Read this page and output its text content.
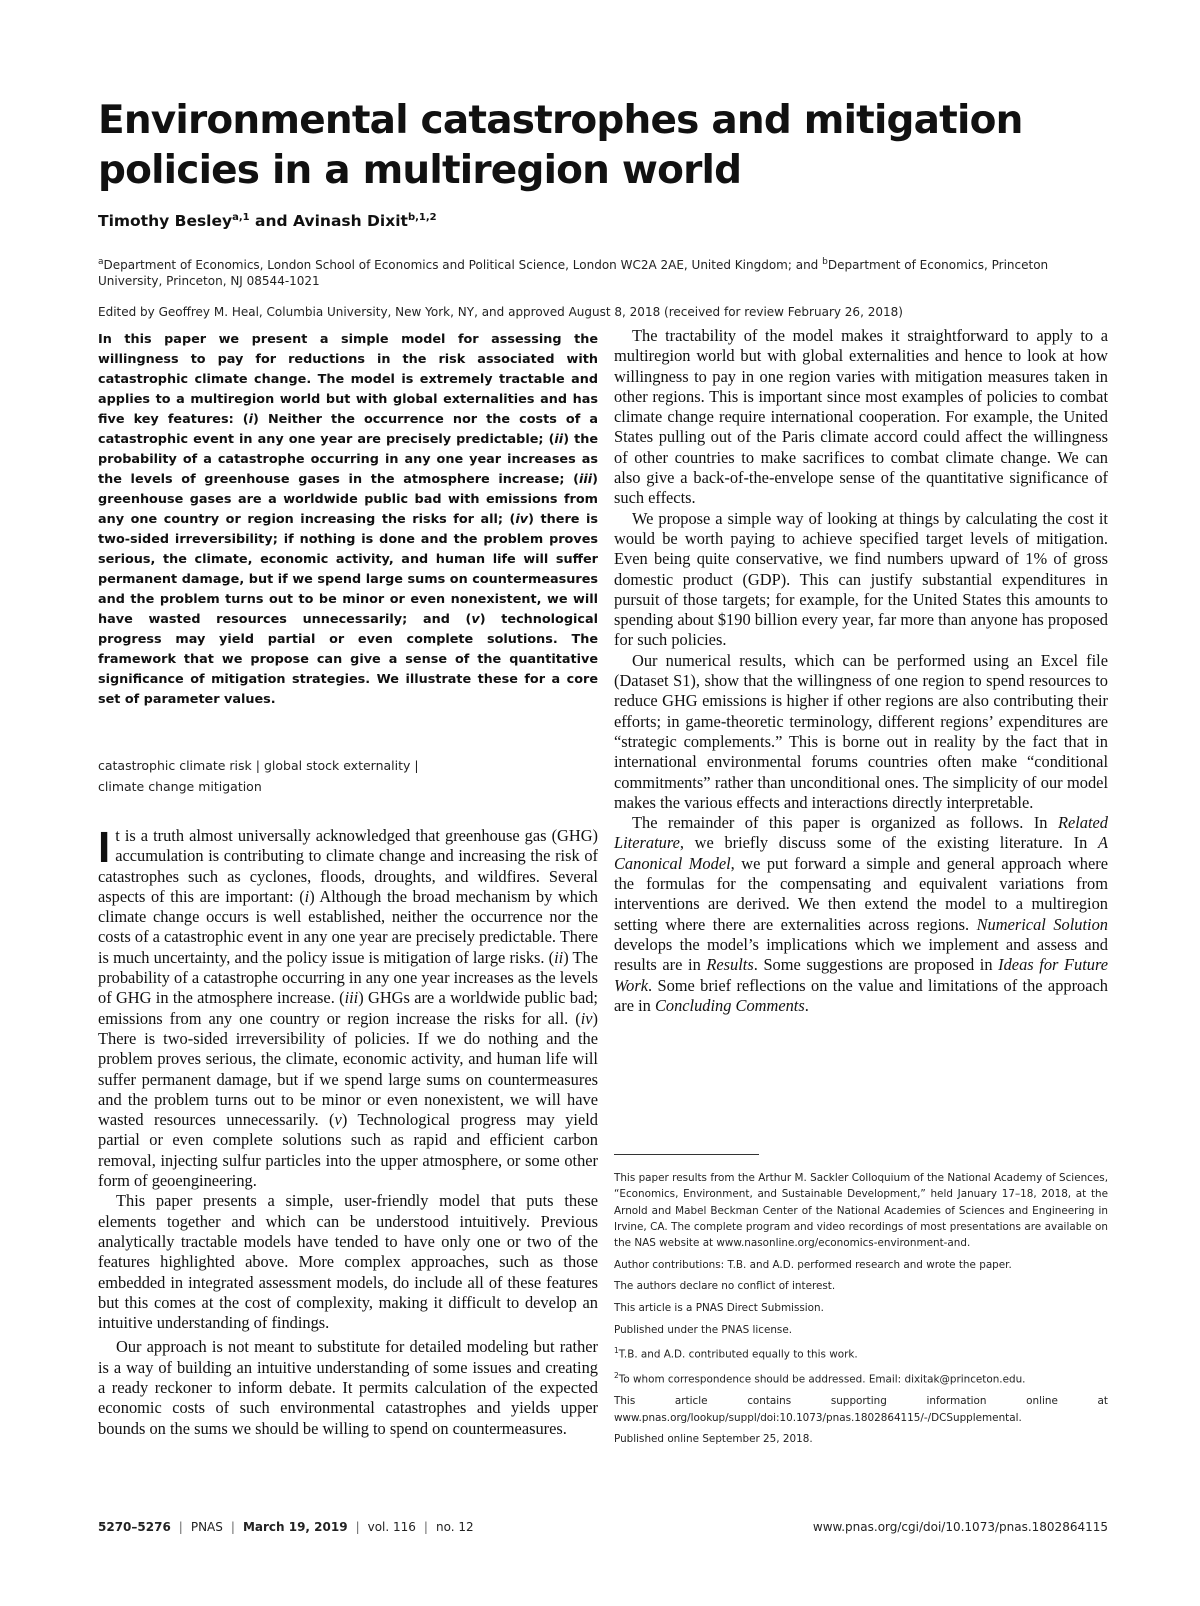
Environmental catastrophes and mitigation policies in a multiregion world
Timothy Besley$^{a,1}$ and Avinash Dixit$^{b,1,2}$
$^a$Department of Economics, London School of Economics and Political Science, London WC2A 2AE, United Kingdom; and $^b$Department of Economics, Princeton University, Princeton, NJ 08544-1021
Edited by Geoffrey M. Heal, Columbia University, New York, NY, and approved August 8, 2018 (received for review February 26, 2018)

In this paper we present a simple model for assessing the willingness to pay for reductions in the risk associated with catastrophic climate change. The model is extremely tractable and applies to a multiregion world but with global externalities and has five key features: (i) Neither the occurrence nor the costs of a catastrophic event in any one year are precisely predictable; (ii) the probability of a catastrophe occurring in any one year increases as the levels of greenhouse gases in the atmosphere increase; (iii) greenhouse gases are a worldwide public bad with emissions from any one country or region increasing the risks for all; (iv) there is two-sided irreversibility; if nothing is done and the problem proves serious, the climate, economic activity, and human life will suffer permanent damage, but if we spend large sums on countermeasures and the problem turns out to be minor or even nonexistent, we will have wasted resources unnecessarily; and (v) technological progress may yield partial or even complete solutions. The framework that we propose can give a sense of the quantitative significance of mitigation strategies. We illustrate these for a core set of parameter values.

catastrophic climate risk | global stock externality |
climate change mitigation

It is a truth almost universally acknowledged that greenhouse gas (GHG) accumulation is contributing to climate change and increasing the risk of catastrophes such as cyclones, floods, droughts, and wildfires. Several aspects of this are important: (i) Although the broad mechanism by which climate change occurs is well established, neither the occurrence nor the costs of a catastrophic event in any one year are precisely predictable. There is much uncertainty, and the policy issue is mitigation of large risks. (ii) The probability of a catastrophe occurring in any one year increases as the levels of GHG in the atmosphere increase. (iii) GHGs are a worldwide public bad; emissions from any one country or region increase the risks for all. (iv) There is two-sided irreversibility of policies. If we do nothing and the problem proves serious, the climate, economic activity, and human life will suffer permanent damage, but if we spend large sums on countermeasures and the problem turns out to be minor or even nonexistent, we will have wasted resources unnecessarily. (v) Technological progress may yield partial or even complete solutions such as rapid and efficient carbon removal, injecting sulfur particles into the upper atmosphere, or some other form of geoengineering.

This paper presents a simple, user-friendly model that puts these elements together and which can be understood intuitively. Previous analytically tractable models have tended to have only one or two of the features highlighted above. More complex approaches, such as those embedded in integrated assessment models, do include all of these features but this comes at the cost of complexity, making it difficult to develop an intuitive understanding of findings.

Our approach is not meant to substitute for detailed modeling but rather is a way of building an intuitive understanding of some issues and creating a ready reckoner to inform debate. It permits calculation of the expected economic costs of such environmental catastrophes and yields upper bounds on the sums we should be willing to spend on countermeasures.

The tractability of the model makes it straightforward to apply to a multiregion world but with global externalities and hence to look at how willingness to pay in one region varies with mitigation measures taken in other regions. This is important since most examples of policies to combat climate change require international cooperation. For example, the United States pulling out of the Paris climate accord could affect the willingness of other countries to make sacrifices to combat climate change. We can also give a back-of-the-envelope sense of the quantitative significance of such effects.

We propose a simple way of looking at things by calculating the cost it would be worth paying to achieve specified target levels of mitigation. Even being quite conservative, we find numbers upward of 1% of gross domestic product (GDP). This can justify substantial expenditures in pursuit of those targets; for example, for the United States this amounts to spending about $190 billion every year, far more than anyone has proposed for such policies.

Our numerical results, which can be performed using an Excel file (Dataset S1), show that the willingness of one region to spend resources to reduce GHG emissions is higher if other regions are also contributing their efforts; in game-theoretic terminology, different regions’ expenditures are “strategic complements.” This is borne out in reality by the fact that in international environmental forums countries often make “conditional commitments” rather than unconditional ones. The simplicity of our model makes the various effects and interactions directly interpretable.

The remainder of this paper is organized as follows. In Related Literature, we briefly discuss some of the existing literature. In A Canonical Model, we put forward a simple and general approach where the formulas for the compensating and equivalent variations from interventions are derived. We then extend the model to a multiregion setting where there are externalities across regions. Numerical Solution develops the model’s implications which we implement and assess and results are in Results. Some suggestions are proposed in Ideas for Future Work. Some brief reflections on the value and limitations of the approach are in Concluding Comments.

This paper results from the Arthur M. Sackler Colloquium of the National Academy of Sciences, “Economics, Environment, and Sustainable Development,” held January 17–18, 2018, at the Arnold and Mabel Beckman Center of the National Academies of Sciences and Engineering in Irvine, CA. The complete program and video recordings of most presentations are available on the NAS website at www.nasonline.org/economics-environment-and.

Author contributions: T.B. and A.D. performed research and wrote the paper.

The authors declare no conflict of interest.

This article is a PNAS Direct Submission.

Published under the PNAS license.

$^1$T.B. and A.D. contributed equally to this work.

$^2$To whom correspondence should be addressed. Email: dixitak@princeton.edu.

This article contains supporting information online at www.pnas.org/lookup/suppl/doi:10.1073/pnas.1802864115/-/DCSupplemental.

Published online September 25, 2018.

5270–5276 | PNAS | March 19, 2019 | vol. 116 | no. 12	www.pnas.org/cgi/doi/10.1073/pnas.1802864115
